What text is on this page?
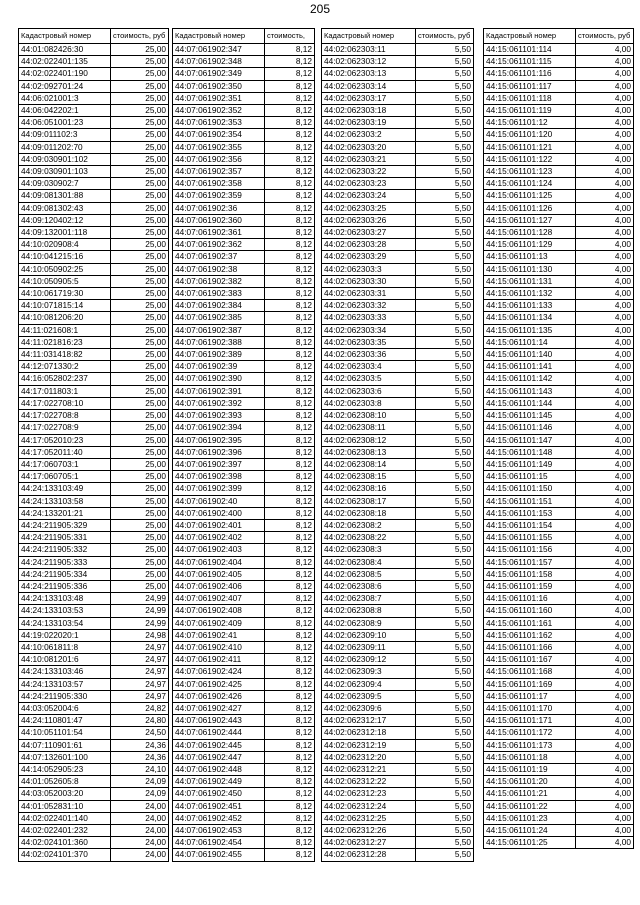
205
Кадастровый номер	стоимость, руб
44:01:082426:30	25,00
44:02:022401:135	25,00
44:02:022401:190	25,00
44:02:092701:24	25,00
44:06:021001:3	25,00
44:06:042202:1	25,00
44:06:051001:23	25,00
44:09:011102:3	25,00
44:09:011202:70	25,00
44:09:030901:102	25,00
44:09:030901:103	25,00
44:09:030902:7	25,00
44:09:081301:88	25,00
44:09:081302:43	25,00
44:09:120402:12	25,00
44:09:132001:118	25,00
44:10:020908:4	25,00
44:10:041215:16	25,00
44:10:050902:25	25,00
44:10:050905:5	25,00
44:10:061719:30	25,00
44:10:071815:14	25,00
44:10:081206:20	25,00
44:11:021608:1	25,00
44:11:021816:23	25,00
44:11:031418:82	25,00
44:12:071330:2	25,00
44:16:052802:237	25,00
44:17:011803:1	25,00
44:17:022708:10	25,00
44:17:022708:8	25,00
44:17:022708:9	25,00
44:17:052010:23	25,00
44:17:052011:40	25,00
44:17:060703:1	25,00
44:17:060705:1	25,00
44:24:133103:49	25,00
44:24:133103:58	25,00
44:24:133201:21	25,00
44:24:211905:329	25,00
44:24:211905:331	25,00
44:24:211905:332	25,00
44:24:211905:333	25,00
44:24:211905:334	25,00
44:24:211905:336	25,00
44:24:133103:48	24,99
44:24:133103:53	24,99
44:24:133103:54	24,99
44:19:022020:1	24,98
44:10:061811:8	24,97
44:10:081201:6	24,97
44:24:133103:46	24,97
44:24:133103:57	24,97
44:24:211905:330	24,97
44:03:052004:6	24,82
44:24:110801:47	24,80
44:10:051101:54	24,50
44:07:110901:61	24,36
44:07:132601:100	24,36
44:14:052905:23	24,10
44:01:052605:8	24,09
44:03:052003:20	24,09
44:01:052831:10	24,00
44:02:022401:140	24,00
44:02:022401:232	24,00
44:02:024101:360	24,00
44:02:024101:370	24,00
Кадастровый номер	стоимость,
44:07:061902:347	8,12
44:07:061902:348	8,12
44:07:061902:349	8,12
44:07:061902:350	8,12
44:07:061902:351	8,12
44:07:061902:352	8,12
44:07:061902:353	8,12
44:07:061902:354	8,12
44:07:061902:355	8,12
44:07:061902:356	8,12
44:07:061902:357	8,12
44:07:061902:358	8,12
44:07:061902:359	8,12
44:07:061902:36	8,12
44:07:061902:360	8,12
44:07:061902:361	8,12
44:07:061902:362	8,12
44:07:061902:37	8,12
44:07:061902:38	8,12
44:07:061902:382	8,12
44:07:061902:383	8,12
44:07:061902:384	8,12
44:07:061902:385	8,12
44:07:061902:387	8,12
44:07:061902:388	8,12
44:07:061902:389	8,12
44:07:061902:39	8,12
44:07:061902:390	8,12
44:07:061902:391	8,12
44:07:061902:392	8,12
44:07:061902:393	8,12
44:07:061902:394	8,12
44:07:061902:395	8,12
44:07:061902:396	8,12
44:07:061902:397	8,12
44:07:061902:398	8,12
44:07:061902:399	8,12
44:07:061902:40	8,12
44:07:061902:400	8,12
44:07:061902:401	8,12
44:07:061902:402	8,12
44:07:061902:403	8,12
44:07:061902:404	8,12
44:07:061902:405	8,12
44:07:061902:406	8,12
44:07:061902:407	8,12
44:07:061902:408	8,12
44:07:061902:409	8,12
44:07:061902:41	8,12
44:07:061902:410	8,12
44:07:061902:411	8,12
44:07:061902:424	8,12
44:07:061902:425	8,12
44:07:061902:426	8,12
44:07:061902:427	8,12
44:07:061902:443	8,12
44:07:061902:444	8,12
44:07:061902:445	8,12
44:07:061902:447	8,12
44:07:061902:448	8,12
44:07:061902:449	8,12
44:07:061902:450	8,12
44:07:061902:451	8,12
44:07:061902:452	8,12
44:07:061902:453	8,12
44:07:061902:454	8,12
44:07:061902:455	8,12
Кадастровый номер	стоимость, руб
44:02:062303:11	5,50
44:02:062303:12	5,50
44:02:062303:13	5,50
44:02:062303:14	5,50
44:02:062303:17	5,50
44:02:062303:18	5,50
44:02:062303:19	5,50
44:02:062303:2	5,50
44:02:062303:20	5,50
44:02:062303:21	5,50
44:02:062303:22	5,50
44:02:062303:23	5,50
44:02:062303:24	5,50
44:02:062303:25	5,50
44:02:062303:26	5,50
44:02:062303:27	5,50
44:02:062303:28	5,50
44:02:062303:29	5,50
44:02:062303:3	5,50
44:02:062303:30	5,50
44:02:062303:31	5,50
44:02:062303:32	5,50
44:02:062303:33	5,50
44:02:062303:34	5,50
44:02:062303:35	5,50
44:02:062303:36	5,50
44:02:062303:4	5,50
44:02:062303:5	5,50
44:02:062303:6	5,50
44:02:062303:8	5,50
44:02:062308:10	5,50
44:02:062308:11	5,50
44:02:062308:12	5,50
44:02:062308:13	5,50
44:02:062308:14	5,50
44:02:062308:15	5,50
44:02:062308:16	5,50
44:02:062308:17	5,50
44:02:062308:18	5,50
44:02:062308:2	5,50
44:02:062308:22	5,50
44:02:062308:3	5,50
44:02:062308:4	5,50
44:02:062308:5	5,50
44:02:062308:6	5,50
44:02:062308:7	5,50
44:02:062308:8	5,50
44:02:062308:9	5,50
44:02:062309:10	5,50
44:02:062309:11	5,50
44:02:062309:12	5,50
44:02:062309:3	5,50
44:02:062309:4	5,50
44:02:062309:5	5,50
44:02:062309:6	5,50
44:02:062312:17	5,50
44:02:062312:18	5,50
44:02:062312:19	5,50
44:02:062312:20	5,50
44:02:062312:21	5,50
44:02:062312:22	5,50
44:02:062312:23	5,50
44:02:062312:24	5,50
44:02:062312:25	5,50
44:02:062312:26	5,50
44:02:062312:27	5,50
44:02:062312:28	5,50
Кадастровый номер	стоимость, руб
44:15:061101:114	4,00
44:15:061101:115	4,00
44:15:061101:116	4,00
44:15:061101:117	4,00
44:15:061101:118	4,00
44:15:061101:119	4,00
44:15:061101:12	4,00
44:15:061101:120	4,00
44:15:061101:121	4,00
44:15:061101:122	4,00
44:15:061101:123	4,00
44:15:061101:124	4,00
44:15:061101:125	4,00
44:15:061101:126	4,00
44:15:061101:127	4,00
44:15:061101:128	4,00
44:15:061101:129	4,00
44:15:061101:13	4,00
44:15:061101:130	4,00
44:15:061101:131	4,00
44:15:061101:132	4,00
44:15:061101:133	4,00
44:15:061101:134	4,00
44:15:061101:135	4,00
44:15:061101:14	4,00
44:15:061101:140	4,00
44:15:061101:141	4,00
44:15:061101:142	4,00
44:15:061101:143	4,00
44:15:061101:144	4,00
44:15:061101:145	4,00
44:15:061101:146	4,00
44:15:061101:147	4,00
44:15:061101:148	4,00
44:15:061101:149	4,00
44:15:061101:15	4,00
44:15:061101:150	4,00
44:15:061101:151	4,00
44:15:061101:153	4,00
44:15:061101:154	4,00
44:15:061101:155	4,00
44:15:061101:156	4,00
44:15:061101:157	4,00
44:15:061101:158	4,00
44:15:061101:159	4,00
44:15:061101:16	4,00
44:15:061101:160	4,00
44:15:061101:161	4,00
44:15:061101:162	4,00
44:15:061101:166	4,00
44:15:061101:167	4,00
44:15:061101:168	4,00
44:15:061101:169	4,00
44:15:061101:17	4,00
44:15:061101:170	4,00
44:15:061101:171	4,00
44:15:061101:172	4,00
44:15:061101:173	4,00
44:15:061101:18	4,00
44:15:061101:19	4,00
44:15:061101:20	4,00
44:15:061101:21	4,00
44:15:061101:22	4,00
44:15:061101:23	4,00
44:15:061101:24	4,00
44:15:061101:25	4,00
